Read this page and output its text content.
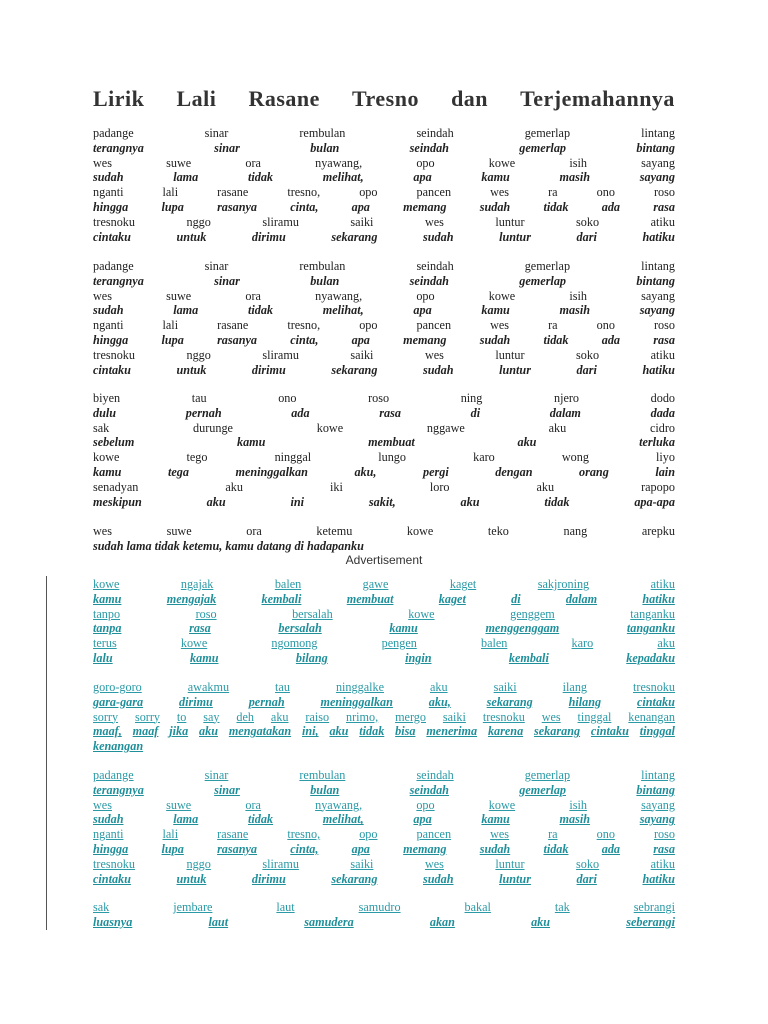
Lirik Lali Rasane Tresno dan Terjemahannya
padange	sinar	rembulan	seindah	gemerlap	lintang
terangnya	sinar	bulan	seindah	gemerlap	bintang
wes	suwe	ora	nyawang,	opo	kowe	isih	sayang
sudah	lama	tidak	melihat,	apa	kamu	masih	sayang
nganti	lali	rasane	tresno,	opo	pancen	wes	ra	ono	roso
hingga	lupa	rasanya	cinta,	apa	memang	sudah	tidak	ada	rasa
tresnoku	nggo	sliramu	saiki	wes	luntur	soko	atiku
cintaku	untuk	dirimu	sekarang	sudah	luntur	dari	hatiku
padange	sinar	rembulan	seindah	gemerlap	lintang
terangnya	sinar	bulan	seindah	gemerlap	bintang
wes	suwe	ora	nyawang,	opo	kowe	isih	sayang
sudah	lama	tidak	melihat,	apa	kamu	masih	sayang
nganti	lali	rasane	tresno,	opo	pancen	wes	ra	ono	roso
hingga	lupa	rasanya	cinta,	apa	memang	sudah	tidak	ada	rasa
tresnoku	nggo	sliramu	saiki	wes	luntur	soko	atiku
cintaku	untuk	dirimu	sekarang	sudah	luntur	dari	hatiku
biyen	tau	ono	roso	ning	njero	dodo
dulu	pernah	ada	rasa	di	dalam	dada
sak	durunge	kowe	nggawe	aku	cidro
sebelum	kamu	membuat	aku	terluka
kowe	tego	ninggal	lungo	karo	wong	liyo
kamu	tega	meninggalkan	aku,	pergi	dengan	orang	lain
senadyan	aku	iki	loro	aku	rapopo
meskipun	aku	ini	sakit,	aku	tidak	apa-apa
wes	suwe	ora	ketemu	kowe	teko	nang	arepku
sudah lama tidak ketemu, kamu datang di hadapanku
Advertisement
kowe	ngajak	balen	gawe	kaget	sakjroning	atiku
kamu	mengajak	kembali	membuat	kaget	di	dalam	hatiku
tanpo	roso	bersalah	kowe	genggem	tanganku
tanpa	rasa	bersalah	kamu	menggenggam	tanganku
terus	kowe	ngomong	pengen	balen	karo	aku
lalu	kamu	bilang	ingin	kembali	kepadaku
goro-goro	awakmu	tau	ninggalke	aku	saiki	ilang	tresnoku
gara-gara	dirimu	pernah	meninggalkan	aku,	sekarang	hilang	cintaku
sorry sorry to say deh aku raiso nrimo, mergo saiki tresnoku wes tinggal kenangan
maaf, maaf jika aku mengatakan ini, aku tidak bisa menerima karena sekarang cintaku tinggal
kenangan
padange	sinar	rembulan	seindah	gemerlap	lintang
terangnya	sinar	bulan	seindah	gemerlap	bintang
wes	suwe	ora	nyawang,	opo	kowe	isih	sayang
sudah	lama	tidak	melihat,	apa	kamu	masih	sayang
nganti	lali	rasane	tresno,	opo	pancen	wes	ra	ono	roso
hingga	lupa	rasanya	cinta,	apa	memang	sudah	tidak	ada	rasa
tresnoku	nggo	sliramu	saiki	wes	luntur	soko	atiku
cintaku	untuk	dirimu	sekarang	sudah	luntur	dari	hatiku
sak	jembare	laut	samudro	bakal	tak	sebrangi
luasnya	laut	samudera	akan	aku	seberangi
